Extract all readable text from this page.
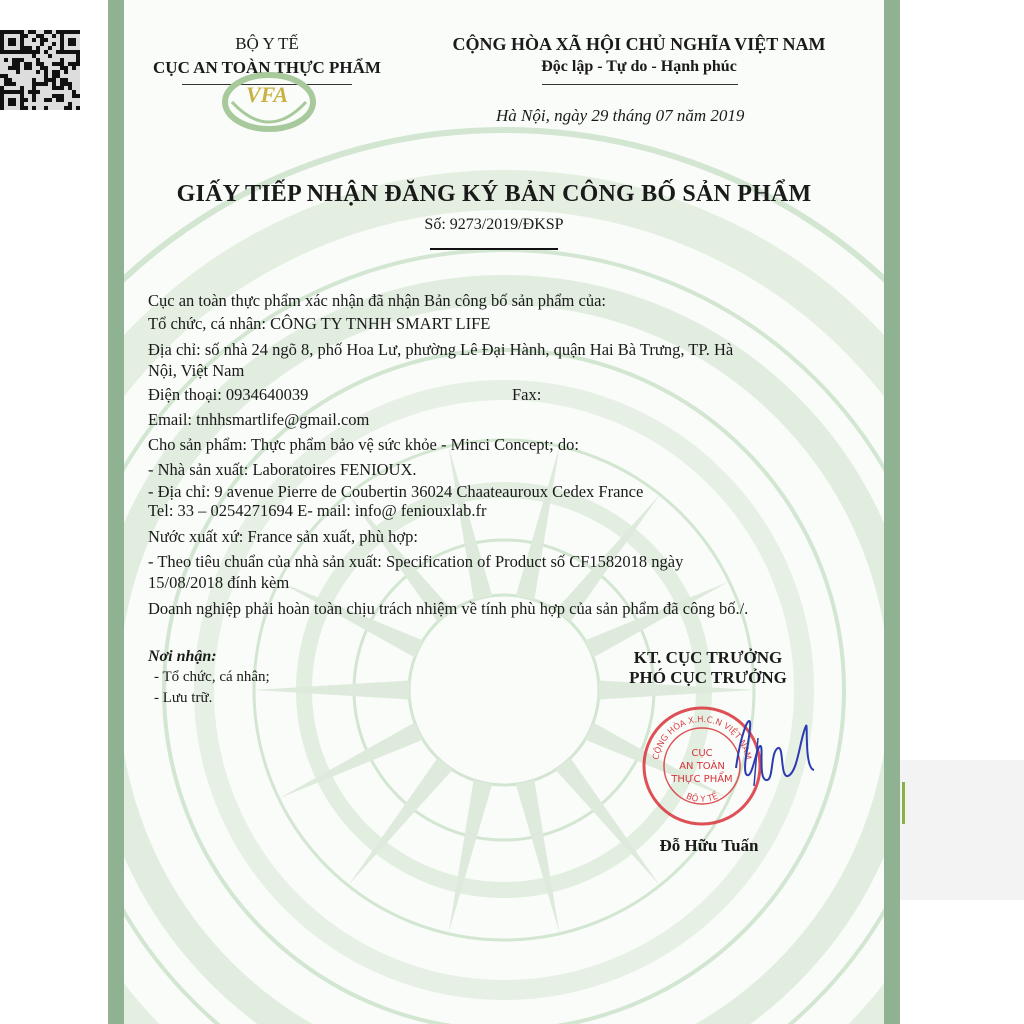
BỘ Y TẾ
CỤC AN TOÀN THỰC PHẨM
VFA
CỘNG HÒA XÃ HỘI CHỦ NGHĨA VIỆT NAM
Độc lập - Tự do - Hạnh phúc
Hà Nội, ngày 29 tháng 07 năm 2019
GIẤY TIẾP NHẬN ĐĂNG KÝ BẢN CÔNG BỐ SẢN PHẨM
Số: 9273/2019/ĐKSP
Cục an toàn thực phẩm xác nhận đã nhận Bản công bố sản phẩm của:
Tổ chức, cá nhân: CÔNG TY TNHH SMART LIFE
Địa chỉ: số nhà 24 ngõ 8, phố Hoa Lư, phường Lê Đại Hành, quận Hai Bà Trưng, TP. Hà
Nội, Việt Nam
Điện thoại: 0934640039	Fax:
Email: tnhhsmartlife@gmail.com
Cho sản phẩm: Thực phẩm bảo vệ sức khỏe - Minci Concept; do:
- Nhà sản xuất: Laboratoires FENIOUX.
- Địa chỉ: 9 avenue Pierre de Coubertin 36024 Chaateauroux Cedex France
Tel: 33 – 0254271694 E- mail: info@ feniouxlab.fr
Nước xuất xứ: France sản xuất, phù hợp:
- Theo tiêu chuẩn của nhà sản xuất: Specification of Product số CF1582018 ngày
15/08/2018 đính kèm
Doanh nghiệp phải hoàn toàn chịu trách nhiệm về tính phù hợp của sản phẩm đã công bố./.
Nơi nhận:
- Tổ chức, cá nhân;
- Lưu trữ.
KT. CỤC TRƯỞNG
PHÓ CỤC TRƯỞNG
CỘNG HÒA X.H.C.N VIỆT NAM
BỘ Y TẾ
CỤC
AN TOÀN
THỰC PHẨM
Đỗ Hữu Tuấn
